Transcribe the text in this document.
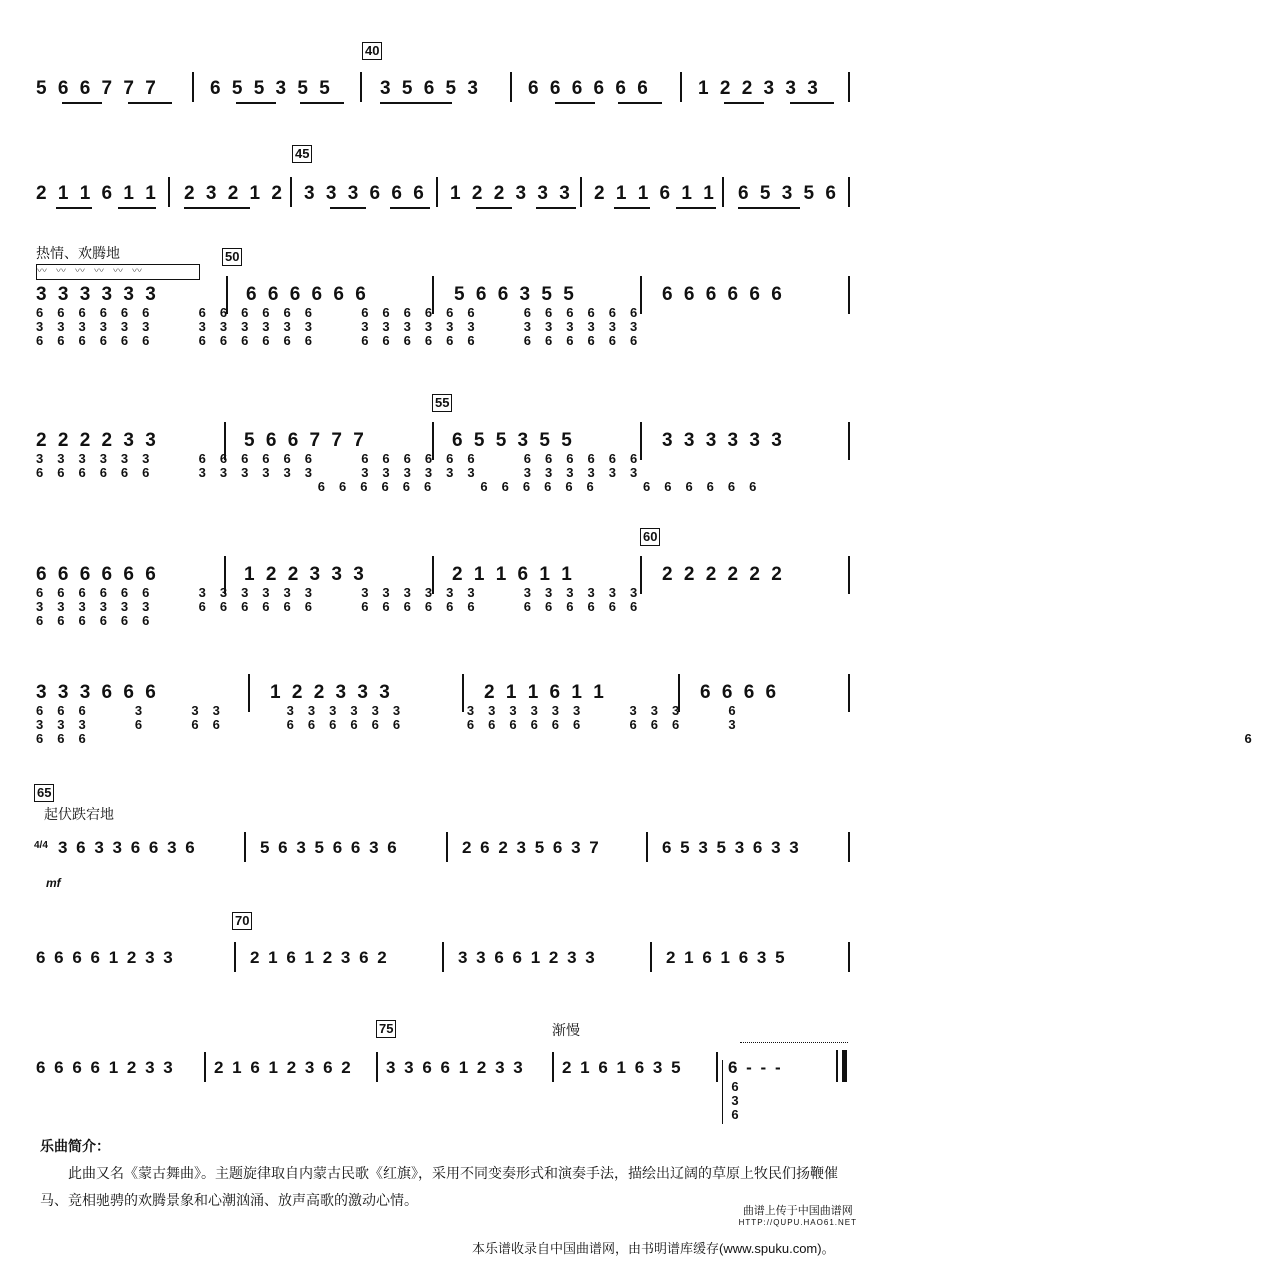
40
5 6 6 7 7 7	6 5 5 3 5 5 3 5 6 5 3 6 6 6 6 6 6 1 2 2 3 3 3
45
2 1 1 6 1 1 2 3 2 1 2 3 3 3 6 6 6 1 2 2 3 3 3 2 1 1 6 1 1 6 5 3 5 6
热情、欢腾地
〰〰〰〰〰〰
50
3 3 3 3 3 3	6 6 6 6 6 6	5 6 6 3 5 5	6 6 6 6 6 6
666666  666666  666666  666666
333333  333333  333333  333333
666666  666666  666666  666666
55
2 2 2 2 3 3	5 6 6 7 7 7	6 5 5 3 5 5	3 3 3 3 3 3
333333  666666  666666  666666
666666  333333  333333  333333
666666  666666  666666
60
6 6 6 6 6 6	1 2 2 3 3 3	2 1 1 6 1 1	2 2 2 2 2 2
666666  333333  333333  333333
333333  666666  666666  666666
666666
3 3 3 6 6 6	1 2 2 3 3 3	2 1 1 6 1 1	6 6 6 6
666  3  33   333333   333333  333  6
333  6  66   666666   666666  666  3
666                                                                 6
65
起伏跌宕地
4/4 3 6 3 3 6 6 3 6	5 6 3 5 6 6 3 6	2 6 2 3 5 6 3 7	6 5 3 5 3 6 3 3
mf
70
6 6 6 6 1 2 3 3	2 1 6 1 2 3 6 2	3 3 6 6 1 2 3 3	2 1 6 1 6 3 5
75	渐慢
6 6 6 6 1 2 3 3 2 1 6 1 2 3 6 2 3 3 6 6 1 2 3 3 2 1 6 1 6 3 5	6 - - -
6
3
6
乐曲简介：
此曲又名《蒙古舞曲》。主题旋律取自内蒙古民歌《红旗》，采用不同变奏形式和演奏手法，描绘出辽阔的草原上牧民们扬鞭催马、竞相驰骋的欢腾景象和心潮汹涌、放声高歌的激动心情。
曲谱上传于中国曲谱网
HTTP://QUPU.HAO61.NET
本乐谱收录自中国曲谱网，由书明谱库缓存(www.spuku.com)。
